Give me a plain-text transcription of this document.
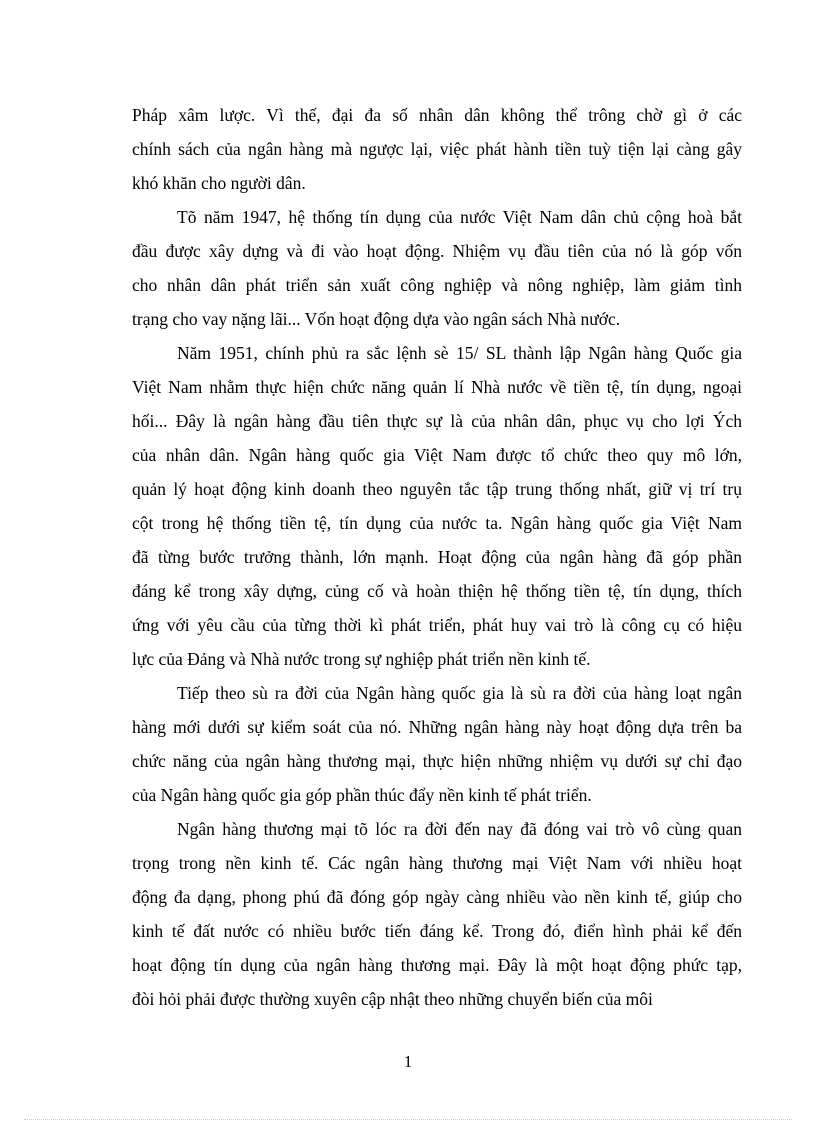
Pháp xâm lược. Vì thế, đại đa số nhân dân không thể trông chờ gì ở các
chính sách của ngân hàng mà ngược lại, việc phát hành tiền tuỳ tiện lại càng gây
khó khăn cho người dân.
Tõ năm 1947, hệ thống tín dụng của nước Việt Nam dân chủ cộng hoà bắt
đầu được xây dựng và đi vào hoạt động. Nhiệm vụ đầu tiên của nó là góp vốn
cho nhân dân phát triển sản xuất công nghiệp và nông nghiệp, làm giảm tình
trạng cho vay nặng lãi... Vốn hoạt động dựa vào ngân sách Nhà nước.
Năm 1951, chính phủ ra sắc lệnh sè 15/ SL thành lập Ngân hàng Quốc gia
Việt Nam nhằm thực hiện chức năng quản lí Nhà nước về tiền tệ, tín dụng, ngoại
hối... Đây là ngân hàng đầu tiên thực sự là của nhân dân, phục vụ cho lợi Ých
của nhân dân. Ngân hàng quốc gia Việt Nam được tổ chức theo quy mô lớn,
quản lý hoạt động kinh doanh theo nguyên tắc tập trung thống nhất, giữ vị trí trụ
cột trong hệ thống tiền tệ, tín dụng của nước ta. Ngân hàng quốc gia Việt Nam
đã từng bước trưởng thành, lớn mạnh. Hoạt động của ngân hàng đã góp phần
đáng kể trong xây dựng, củng cố và hoàn thiện hệ thống tiền tệ, tín dụng, thích
ứng với yêu cầu của từng thời kì phát triển, phát huy vai trò là công cụ có hiệu
lực của Đảng và Nhà nước trong sự nghiệp phát triển nền kinh tế.
Tiếp theo sù ra đời của Ngân hàng quốc gia là sù ra đời của hàng loạt ngân
hàng mới dưới sự kiểm soát của nó. Những ngân hàng này hoạt động dựa trên ba
chức năng của ngân hàng thương mại, thực hiện những nhiệm vụ dưới sự chỉ đạo
của Ngân hàng quốc gia góp phần thúc đẩy nền kinh tế phát triển.
Ngân hàng thương mại tõ lóc ra đời đến nay đã đóng vai trò vô cùng quan
trọng trong nền kinh tế. Các ngân hàng thương mại Việt Nam với nhiều hoạt
động đa dạng, phong phú đã đóng góp ngày càng nhiều vào nền kinh tế, giúp cho
kinh tế đất nước có nhiều bước tiến đáng kể. Trong đó, điển hình phải kể đến
hoạt động tín dụng của ngân hàng thương mại. Đây là một hoạt động phức tạp,
đòi hỏi phải được thường xuyên cập nhật theo những chuyển biến của môi
1
